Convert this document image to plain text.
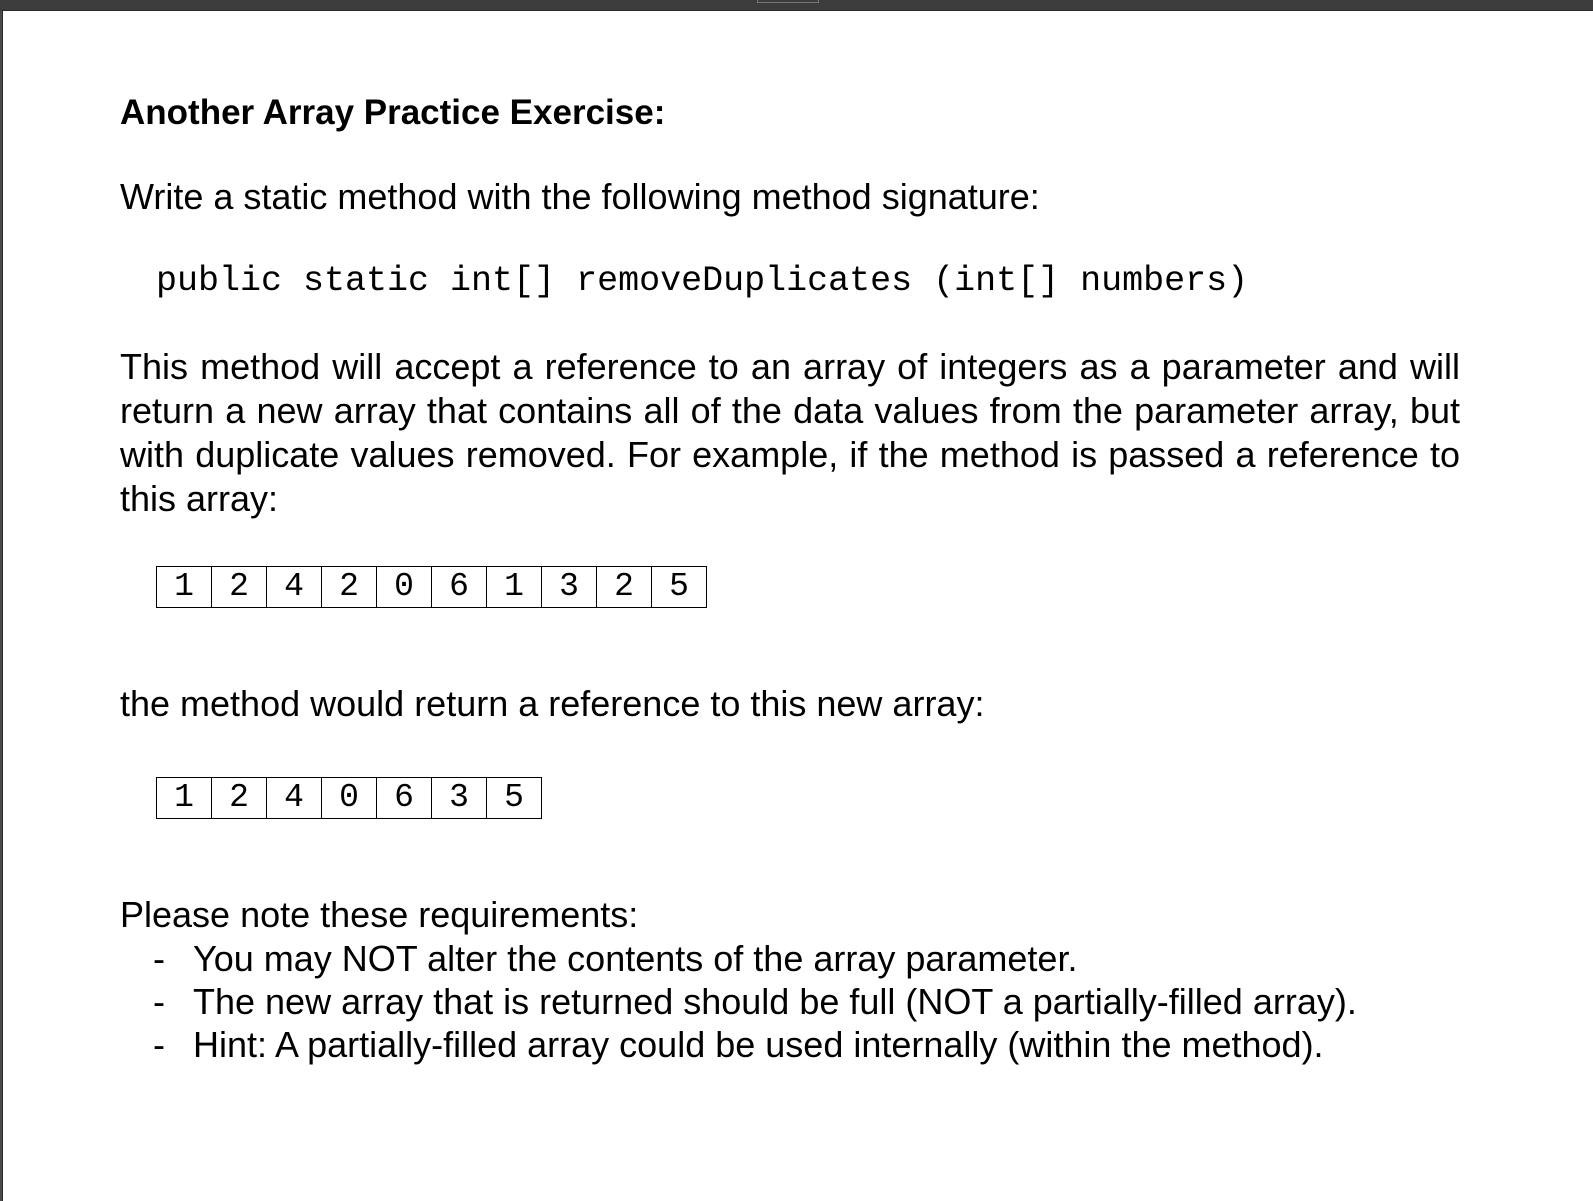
Another Array Practice Exercise:

Write a static method with the following method signature:

public static int[] removeDuplicates (int[] numbers)

This method will accept a reference to an array of integers as a parameter and will return a new array that contains all of the data values from the parameter array, but with duplicate values removed. For example, if the method is passed a reference to this array:

1	2	4	2	0	6	1	3	2	5

the method would return a reference to this new array:

1	2	4	0	6	3	5

Please note these requirements:

- You may NOT alter the contents of the array parameter.
- The new array that is returned should be full (NOT a partially-filled array).
- Hint: A partially-filled array could be used internally (within the method).
